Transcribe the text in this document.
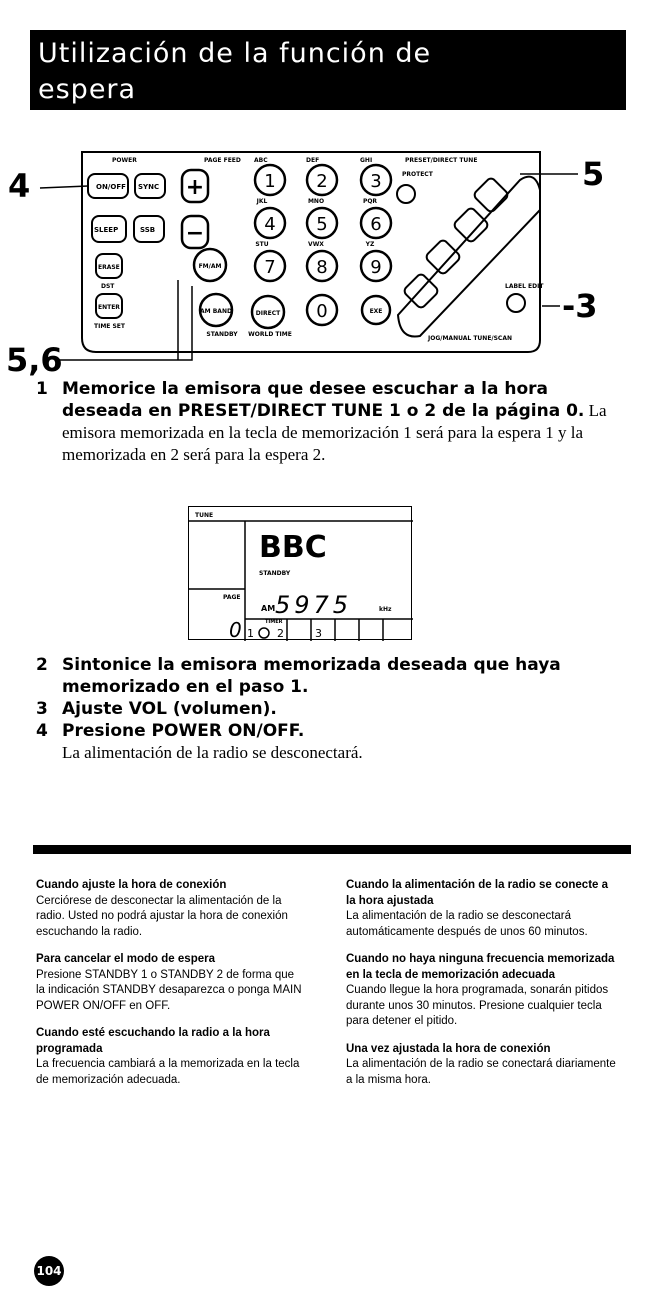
Utilización de la función de
espera
POWER	PAGE FEED ABC	DEF	GHI	PRESET/DIRECT TUNE
ON/OFF SYNC
SLEEP	SSB
ERASE
ENTER
DST
TIME SET
+
−
FM/AM
AM BAND	DIRECT	EXE
STANDBY WORLD TIME
1 2 3
4 5 6
7 8 9
0
JKL	MNO	PQR
STU	VWX	YZ
PROTECT
LABEL EDIT
JOG/MANUAL TUNE/SCAN
4	5
-3
5,6
1 Memorice la emisora que desee escuchar a la hora deseada en PRESET/DIRECT TUNE 1 o 2 de la página 0. La emisora memorizada en la tecla de memorización 1 será para la espera 1 y la memorizada en 2 será para la espera 2.
TUNE
BBC
STANDBY
PAGE
0
AM 5975	kHz
TIMER
1 2	3
2 Sintonice la emisora memorizada deseada que haya memorizado en el paso 1.
3 Ajuste VOL (volumen).
4 Presione POWER ON/OFF.
La alimentación de la radio se desconectará.
Cuando ajuste la hora de conexión
Cerciórese de desconectar la alimentación de la radio. Usted no podrá ajustar la hora de conexión escuchando la radio.
Para cancelar el modo de espera
Presione STANDBY 1 o STANDBY 2 de forma que la indicación STANDBY desaparezca o ponga MAIN POWER ON/OFF en OFF.
Cuando esté escuchando la radio a la hora programada
La frecuencia cambiará a la memorizada en la tecla de memorización adecuada.
Cuando la alimentación de la radio se conecte a la hora ajustada
La alimentación de la radio se desconectará automáticamente después de unos 60 minutos.
Cuando no haya ninguna frecuencia memorizada en la tecla de memorización adecuada
Cuando llegue la hora programada, sonarán pitidos durante unos 30 minutos. Presione cualquier tecla para detener el pitido.
Una vez ajustada la hora de conexión
La alimentación de la radio se conectará diariamente a la misma hora.
104
